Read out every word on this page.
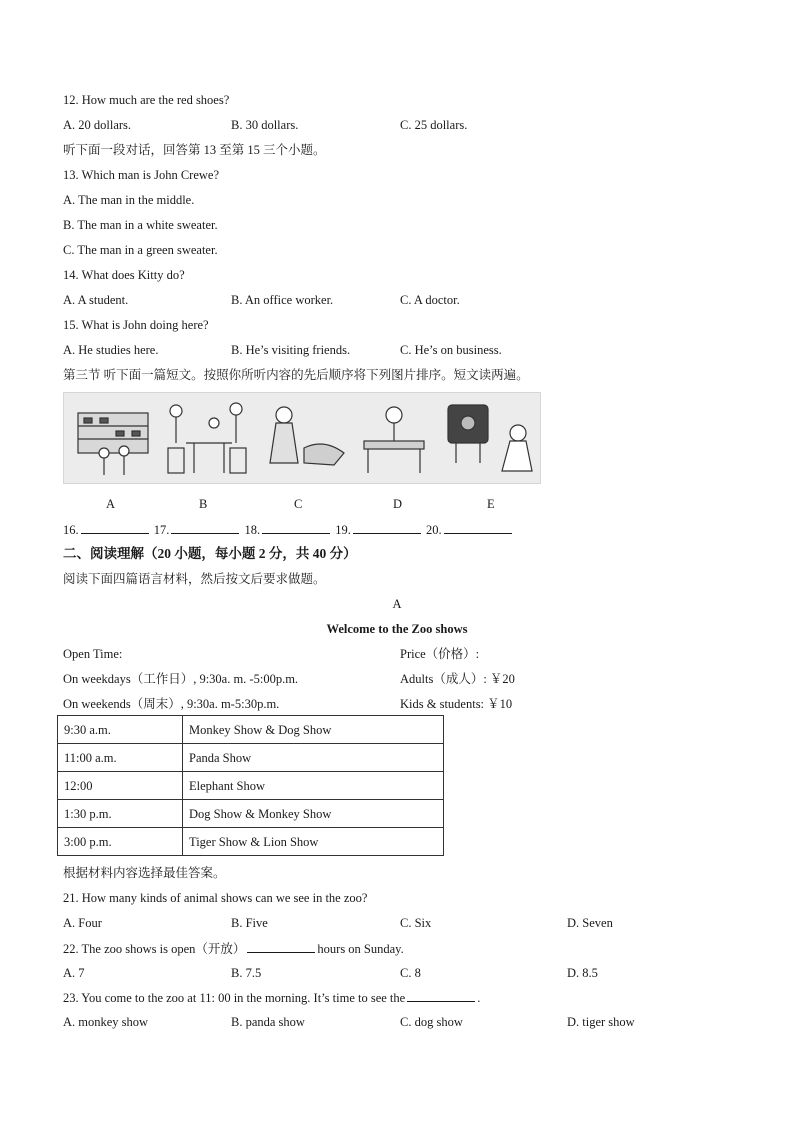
12. How much are the red shoes?
A. 20 dollars.	B. 30 dollars.	C. 25 dollars.
听下面一段对话，回答第 13 至第 15 三个小题。
13. Which man is John Crewe?
A. The man in the middle.
B. The man in a white sweater.
C. The man in a green sweater.
14. What does Kitty do?
A. A student.	B. An office worker.	C. A doctor.
15. What is John doing here?
A. He studies here.	B. He’s visiting friends.	C. He’s on business.
第三节 听下面一篇短文。按照你所听内容的先后顺序将下列图片排序。短文读两遍。
A	B	C	D	E
16.	17.	18.	19.	20.
二、阅读理解（20 小题，每小题 2 分，共 40 分）
阅读下面四篇语言材料，然后按文后要求做题。
A
Welcome to the Zoo shows
Open Time:	Price（价格）:
On weekdays（工作日）, 9:30a. m. -5:00p.m.	Adults（成人）: ￥20
On weekends（周末）, 9:30a. m-5:30p.m.	Kids & students: ￥10
9:30 a.m.	Monkey Show & Dog Show
11:00 a.m.	Panda Show
12:00	Elephant Show
1:30 p.m.	Dog Show & Monkey Show
3:00 p.m.	Tiger Show & Lion Show
根据材料内容选择最佳答案。
21. How many kinds of animal shows can we see in the zoo?
A. Four	B. Five	C. Six	D. Seven
22. The zoo shows is open（开放）	hours on Sunday.
A. 7	B. 7.5	C. 8	D. 8.5
23. You come to the zoo at 11: 00 in the morning. It’s time to see the	.
A. monkey show	B. panda show	C. dog show	D. tiger show
